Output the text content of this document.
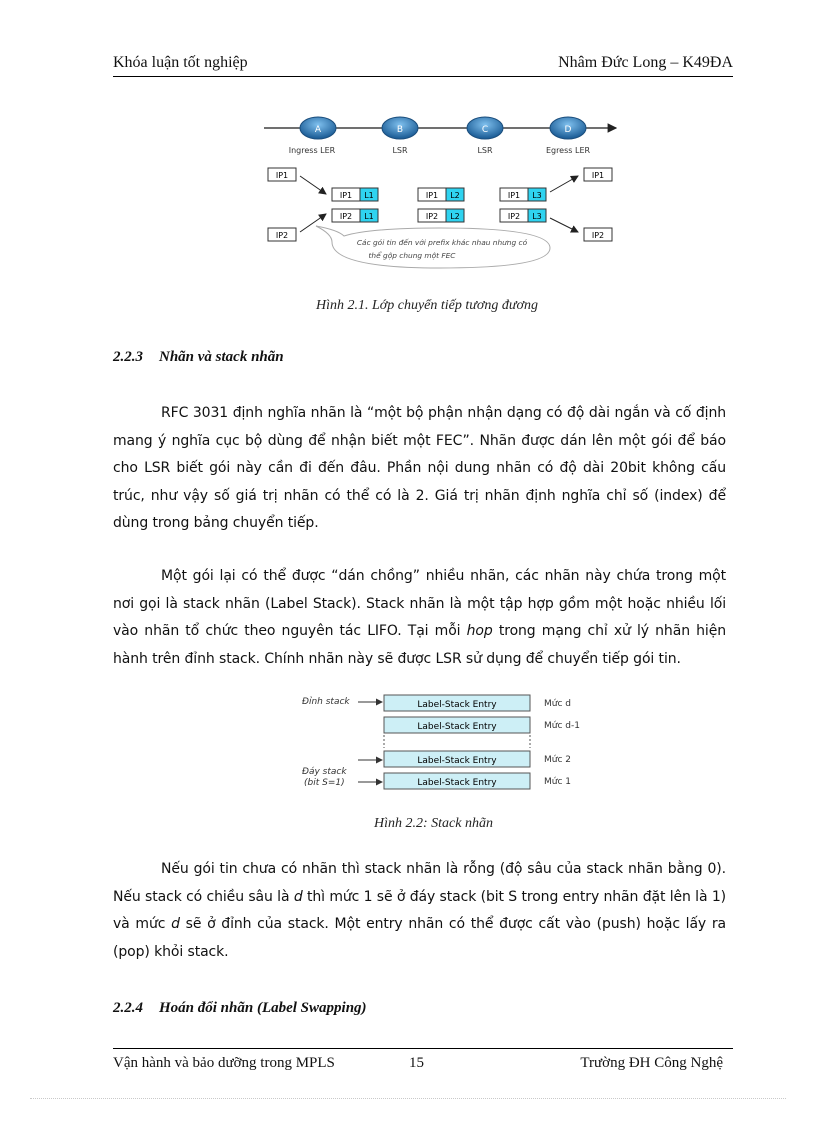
Khóa luận tốt nghiệp	Nhâm Đức Long – K49ĐA
A
Ingress LER
B
LSR
C
LSR
D
Egress LER
IP1
IP2
IP1 L1
IP2 L1
IP1 L2
IP2 L2
IP1 L3
IP2 L3
IP1
IP2
Các gói tin đến với prefix khác nhau nhưng có
thể gộp chung một FEC
Hình 2.1. Lớp chuyển tiếp tương đương
2.2.3 Nhãn và stack nhãn
RFC 3031 định nghĩa nhãn là “một bộ phận nhận dạng có độ dài ngắn và cố định
mang ý nghĩa cục bộ dùng để nhận biết một FEC”. Nhãn được dán lên một gói để báo
cho LSR biết gói này cần đi đến đâu. Phần nội dung nhãn có độ dài 20bit không cấu
trúc, như vậy số giá trị nhãn có thể có là 2. Giá trị nhãn định nghĩa chỉ số (index) để
dùng trong bảng chuyển tiếp.
Một gói lại có thể được “dán chồng” nhiều nhãn, các nhãn này chứa trong một
nơi gọi là stack nhãn (Label Stack). Stack nhãn là một tập hợp gồm một hoặc nhiều lối
vào nhãn tổ chức theo nguyên tác LIFO. Tại mỗi hop trong mạng chỉ xử lý nhãn hiện
hành trên đỉnh stack. Chính nhãn này sẽ được LSR sử dụng để chuyển tiếp gói tin.
Đỉnh stack
Đáy stack
(bit S=1)
Label-Stack Entry	Mức d
Label-Stack Entry	Mức d-1
Label-Stack Entry	Mức 2
Label-Stack Entry	Mức 1
Hình 2.2: Stack nhãn
Nếu gói tin chưa có nhãn thì stack nhãn là rỗng (độ sâu của stack nhãn bằng 0).
Nếu stack có chiều sâu là d thì mức 1 sẽ ở đáy stack (bit S trong entry nhãn đặt lên là 1)
và mức d sẽ ở đỉnh của stack. Một entry nhãn có thể được cất vào (push) hoặc lấy ra
(pop) khỏi stack.
2.2.4 Hoán đổi nhãn (Label Swapping)
Vận hành và bảo dưỡng trong MPLS	15	Trường ĐH Công Nghệ
